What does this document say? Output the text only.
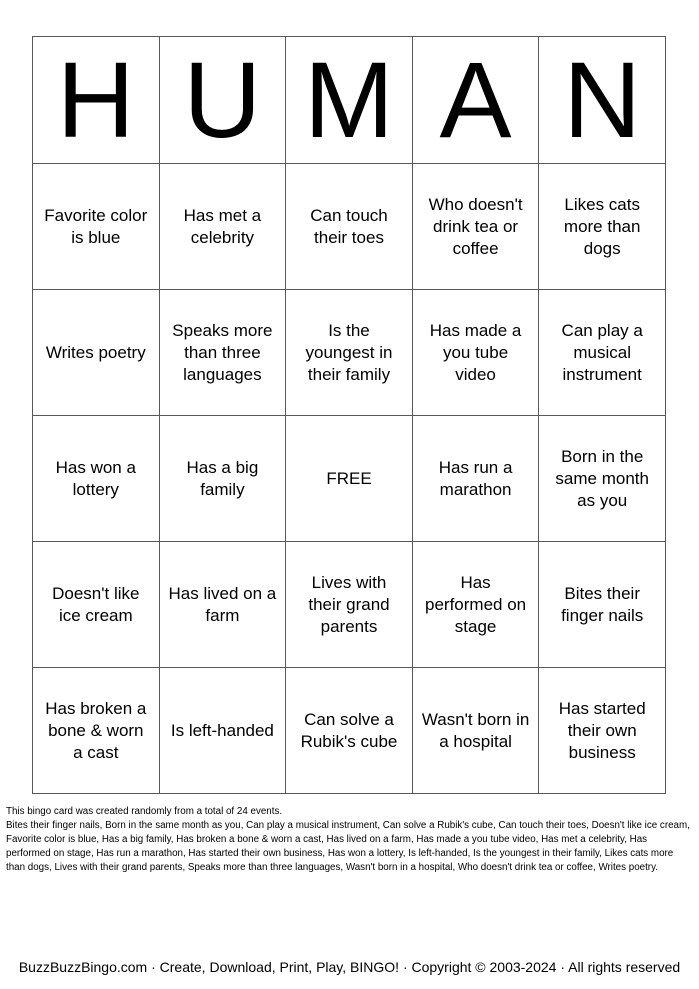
H	U	M	A	N
Favorite color is blue	Has met a celebrity	Can touch their toes	Who doesn't drink tea or coffee	Likes cats more than dogs
Writes poetry	Speaks more than three languages	Is the youngest in their family	Has made a you tube video	Can play a musical instrument
Has won a lottery	Has a big family	FREE	Has run a marathon	Born in the same month as you
Doesn't like ice cream	Has lived on a farm	Lives with their grand parents	Has performed on stage	Bites their finger nails
Has broken a bone & worn a cast	Is left-handed	Can solve a Rubik's cube	Wasn't born in a hospital	Has started their own business
This bingo card was created randomly from a total of 24 events.
Bites their finger nails, Born in the same month as you, Can play a musical instrument, Can solve a Rubik's cube, Can touch their toes, Doesn't like ice cream, Favorite color is blue, Has a big family, Has broken a bone & worn a cast, Has lived on a farm, Has made a you tube video, Has met a celebrity, Has performed on stage, Has run a marathon, Has started their own business, Has won a lottery, Is left-handed, Is the youngest in their family, Likes cats more than dogs, Lives with their grand parents, Speaks more than three languages, Wasn't born in a hospital, Who doesn't drink tea or coffee, Writes poetry.
BuzzBuzzBingo.com · Create, Download, Print, Play, BINGO! · Copyright © 2003-2024 · All rights reserved
